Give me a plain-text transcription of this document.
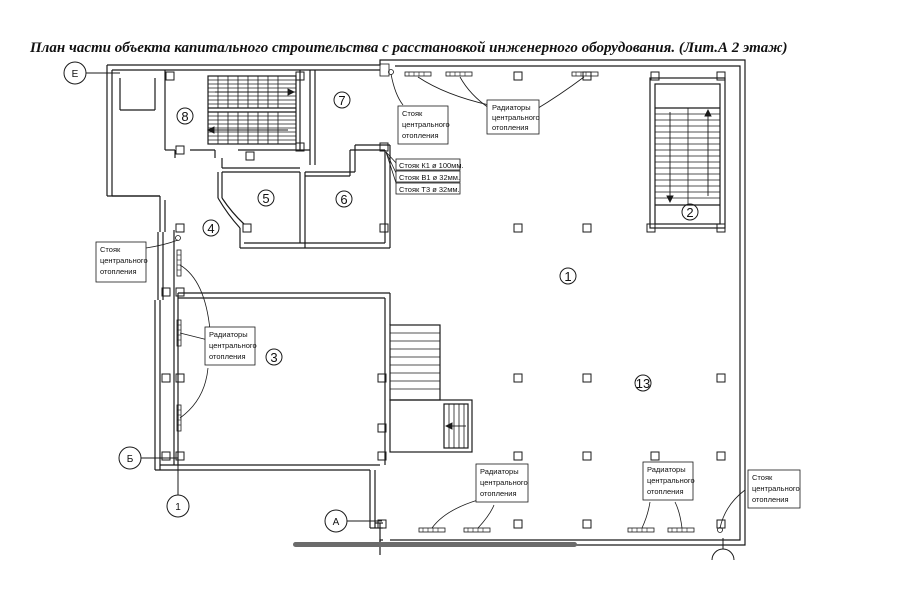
План части объекта капитального строительства с расстановкой инженерного оборудования. (Лит.А 2 этаж)
Стояк
центрального
отопления
Радиаторы
центрального
отопления
Стояк К1 ø 100мм.
Стояк В1 ø 32мм.
Стояк Т3 ø 32мм.
Стояк
центрального
отопления
Радиаторы
центрального
отопления
Радиаторы
центрального
отопления
Радиаторы
центрального
отопления
Стояк
центрального
отопления
1
2
3
4
5	6
7
8
13
Е
Б
1
А
